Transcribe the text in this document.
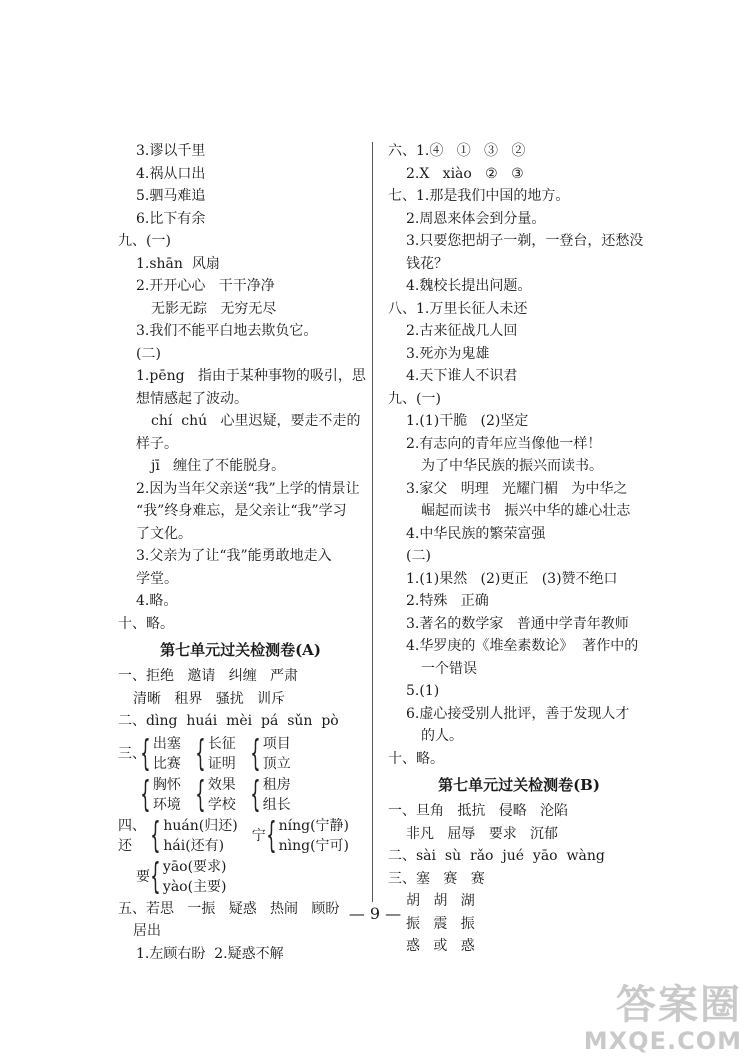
3.谬以千里
4.祸从口出
5.驷马难追
6.比下有余
九、(一)
1.shān  风扇
2.开开心心   干干净净
无影无踪   无穷无尽
3.我们不能平白地去欺负它。
(二)
1.pēng   指由于某种事物的吸引，思
想情感起了波动。
chí  chú   心里迟疑，要走不走的
样子。
jī   缠住了不能脱身。
2.因为当年父亲送“我”上学的情景让
“我”终身难忘，是父亲让“我”学习
了文化。
3.父亲为了让“我”能勇敢地走入
学堂。
4.略。
十、略。
第七单元过关检测卷(A)
一、拒绝   邀请   纠缠   严肃
清晰   租界   骚扰   训斥
二、dìng  huái  mèi  pá  sǔn  pò
三、
{ 出塞
比赛 { 长征
证明 { 项目
顶立
{ 胸怀
环境 { 效果
学校 { 租房
组长
四、还 { huán(归还)
hái(还有)
宁 { níng(宁静)
nìng(宁可)
要 { yāo(要求)
yào(主要)
五、若思   一振   疑惑   热闹   顾盼
居出
1.左顾右盼  2.疑惑不解
六、1.④   ①   ③   ②
2.X   xiào   ②   ③
七、1.那是我们中国的地方。
2.周恩来体会到分量。
3.只要您把胡子一剃，一登台，还愁没
钱花？
4.魏校长提出问题。
八、1.万里长征人未还
2.古来征战几人回
3.死亦为鬼雄
4.天下谁人不识君
九、(一)
1.(1)干脆   (2)坚定
2.有志向的青年应当像他一样！
为了中华民族的振兴而读书。
3.家父   明理   光耀门楣   为中华之
崛起而读书   振兴中华的雄心壮志
4.中华民族的繁荣富强
(二)
1.(1)果然   (2)更正   (3)赞不绝口
2.特殊   正确
3.著名的数学家   普通中学青年教师
4.华罗庚的《堆垒素数论》  著作中的
一个错误
5.(1)
6.虚心接受别人批评，善于发现人才
的人。
十、略。
第七单元过关检测卷(B)
一、旦角   抵抗   侵略   沦陷
非凡   屈辱   要求   沉郁
二、sài  sù  rǎo  jué  yāo  wàng
三、塞   赛   赛
胡   胡   湖
振   震   振
惑   或   惑
— 9 —
答案圈
MXQE.COM
